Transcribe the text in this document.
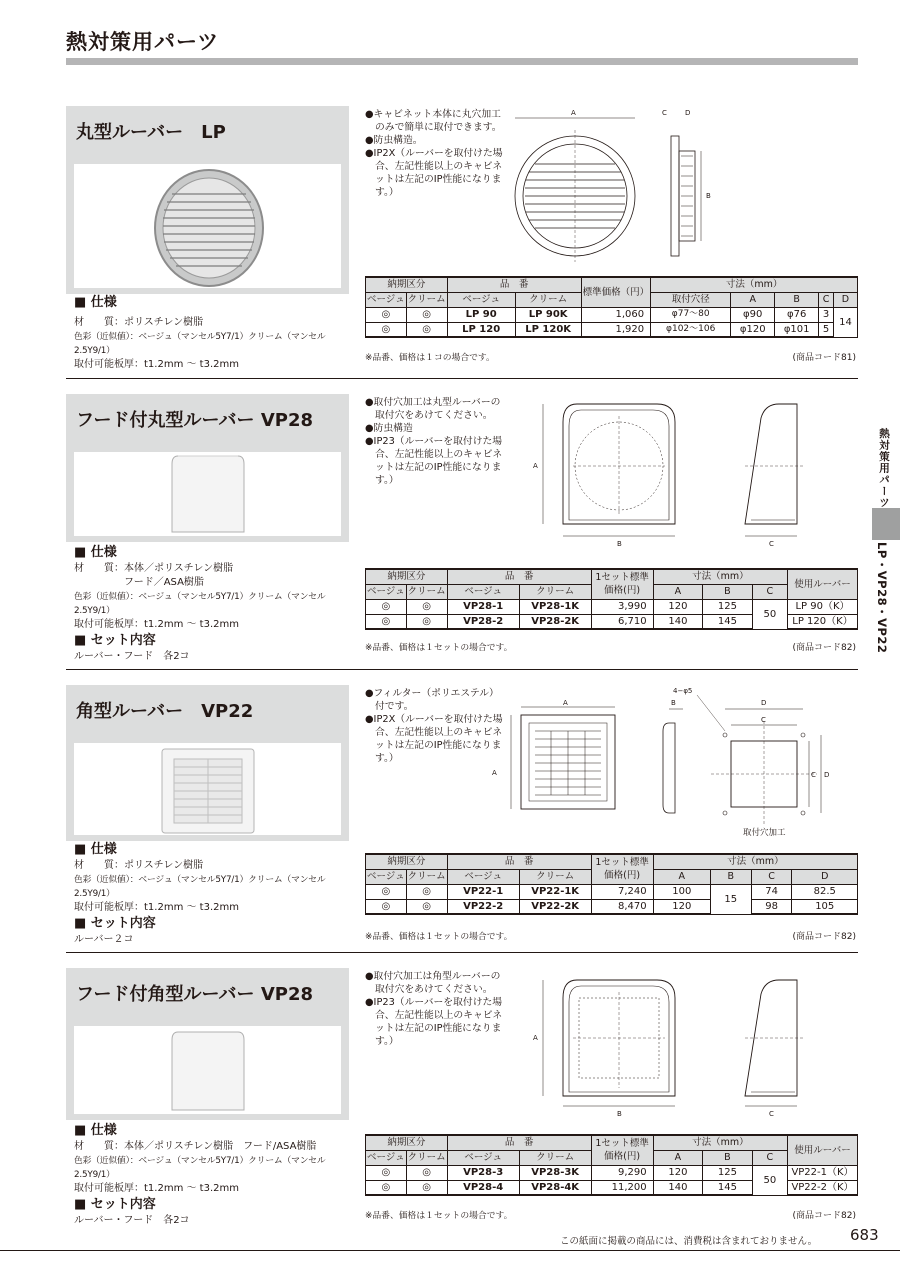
熱対策用パーツ
熱対策用パーツ
LP・VP28・VP22
丸型ルーバー　LP
■ 仕様
材　　質：ポリスチレン樹脂
色彩（近似値）：ベージュ（マンセル5Y7/1）クリーム（マンセル2.5Y9/1）
取付可能板厚：t1.2mm ～ t3.2mm
●キャビネット本体に丸穴加工のみで簡単に取付できます。
●防虫構造。
●IP2X（ルーバーを取付けた場合、左記性能以上のキャビネットは左記のIP性能になります。）
A	C	D
B
納期区分		品　番		標準価格（円）	寸法（mm）				
ベージュ	クリーム	ベージュ	クリーム		取付穴径	A	B	C	D
◎	◎	LP 90	LP 90K	1,060	φ77～80	φ90	φ76	3	14
◎	◎	LP 120	LP 120K	1,920	φ102～106	φ120	φ101	5	
※品番、価格は１コの場合です。	(商品コード81)
フード付丸型ルーバー VP28
■ 仕様
材　　質：本体／ポリスチレン樹脂
　　　　　フード／ASA樹脂
色彩（近似値）：ベージュ（マンセル5Y7/1）クリーム（マンセル2.5Y9/1）
取付可能板厚：t1.2mm ～ t3.2mm
■ セット内容
ルーバー・フード　各2コ
●取付穴加工は丸型ルーバーの取付穴をあけてください。
●防虫構造
●IP23（ルーバーを取付けた場合、左記性能以上のキャビネットは左記のIP性能になります。）
A
B	C
納期区分		品　番		1セット標準価格(円)	寸法（mm）			使用ルーバー
ベージュ	クリーム	ベージュ	クリーム		A	B	C	
◎	◎	VP28-1	VP28-1K	3,990	120	125	50	LP 90（K）
◎	◎	VP28-2	VP28-2K	6,710	140	145		LP 120（K）
※品番、価格は１セットの場合です。	(商品コード82)
角型ルーバー　VP22
■ 仕様
材　　質：ポリスチレン樹脂
色彩（近似値）：ベージュ（マンセル5Y7/1）クリーム（マンセル2.5Y9/1）
取付可能板厚：t1.2mm ～ t3.2mm
■ セット内容
ルーバー２コ
●フィルター（ポリエステル）付です。
●IP2X（ルーバーを取付けた場合、左記性能以上のキャビネットは左記のIP性能になります。）
A
A
B
4−φ5
D
C
C D
取付穴加工
納期区分		品　番		1セット標準価格(円)	寸法（mm）			
ベージュ	クリーム	ベージュ	クリーム		A	B	C	D
◎	◎	VP22-1	VP22-1K	7,240	100	15	74	82.5
◎	◎	VP22-2	VP22-2K	8,470	120		98	105
※品番、価格は１セットの場合です。	(商品コード82)
フード付角型ルーバー VP28
■ 仕様
材　　質：本体／ポリスチレン樹脂　フード/ASA樹脂
色彩（近似値）：ベージュ（マンセル5Y7/1）クリーム（マンセル2.5Y9/1）
取付可能板厚：t1.2mm ～ t3.2mm
■ セット内容
ルーバー・フード　各2コ
●取付穴加工は角型ルーバーの取付穴をあけてください。
●IP23（ルーバーを取付けた場合、左記性能以上のキャビネットは左記のIP性能になります。）	A
B	C
納期区分		品　番		1セット標準価格(円)	寸法（mm）			使用ルーバー
ベージュ	クリーム	ベージュ	クリーム		A	B	C	
◎	◎	VP28-3	VP28-3K	9,290	120	125	50	VP22-1（K）
◎	◎	VP28-4	VP28-4K	11,200	140	145		VP22-2（K）
※品番、価格は１セットの場合です。	(商品コード82)
この紙面に掲載の商品には、消費税は含まれておりません。 683
